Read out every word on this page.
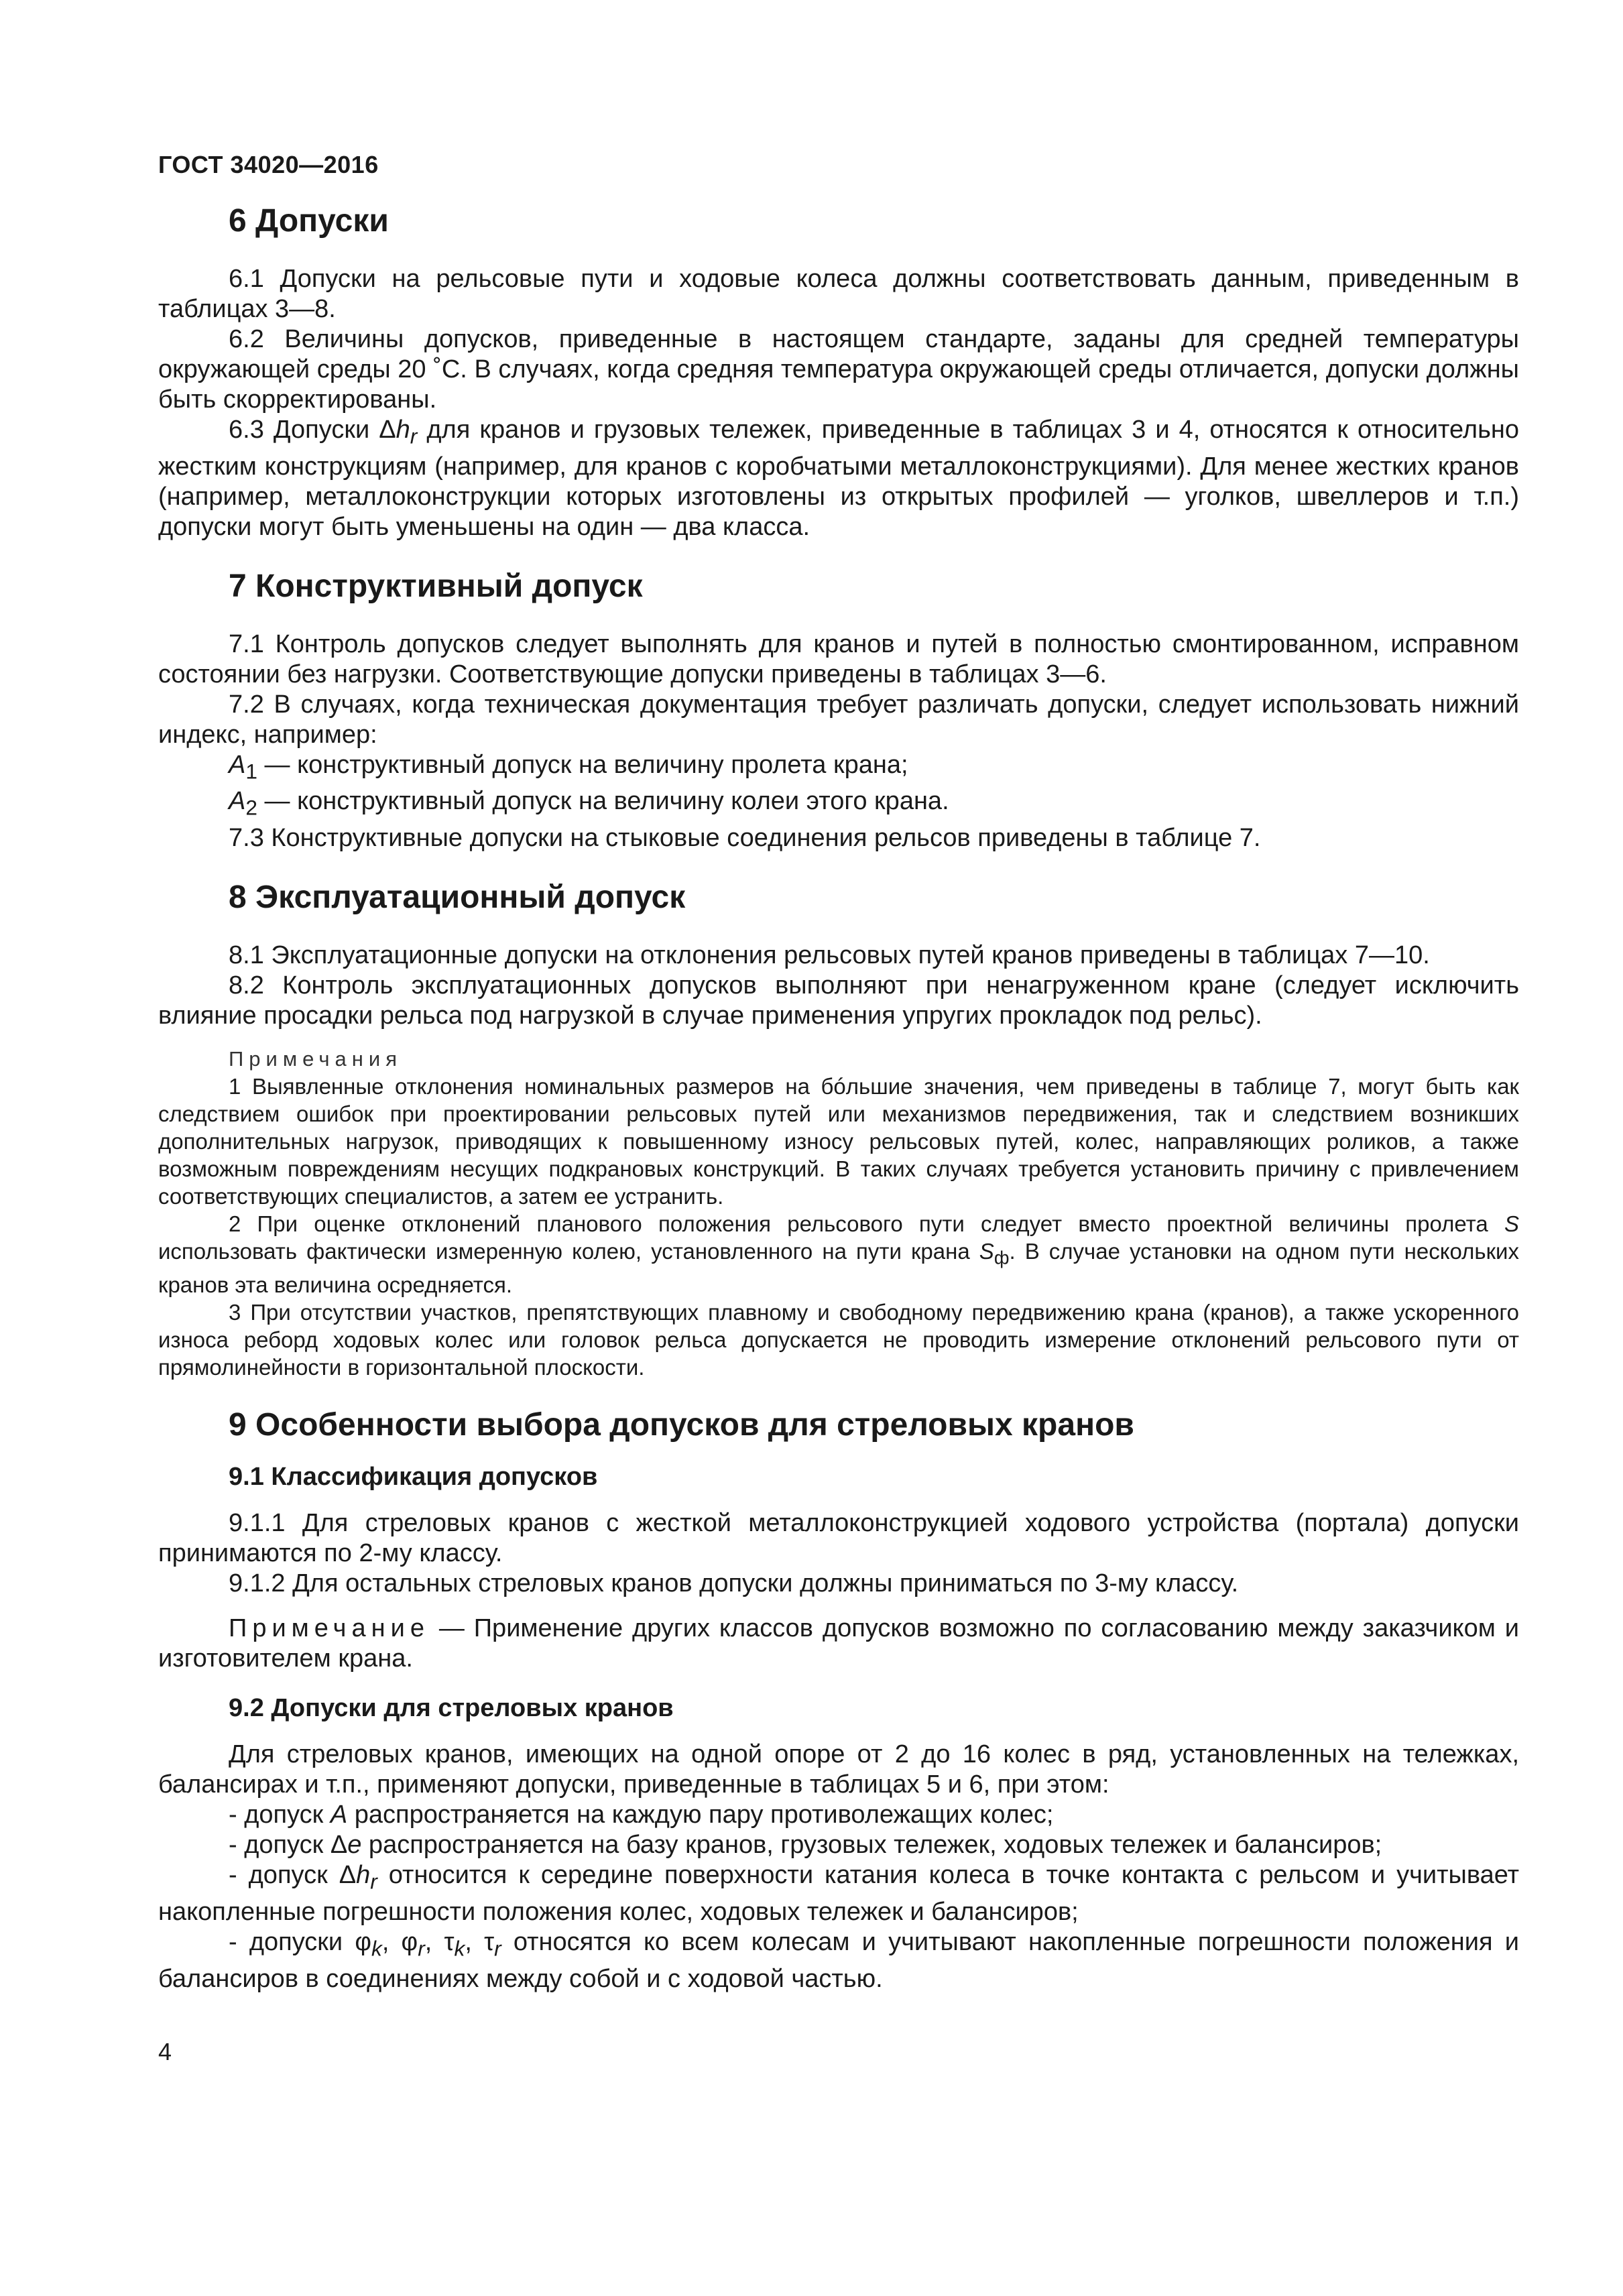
ГОСТ 34020—2016
6 Допуски

6.1 Допуски на рельсовые пути и ходовые колеса должны соответствовать данным, приведенным в таблицах 3—8.

6.2 Величины допусков, приведенные в настоящем стандарте, заданы для средней температуры окружающей среды 20 ˚С. В случаях, когда средняя температура окружающей среды отличается, допуски должны быть скорректированы.

6.3 Допуски $\Delta h_r$ для кранов и грузовых тележек, приведенные в таблицах 3 и 4, относятся к относительно жестким конструкциям (например, для кранов с коробчатыми металлоконструкциями). Для менее жестких кранов (например, металлоконструкции которых изготовлены из открытых профилей — уголков, швеллеров и т.п.) допуски могут быть уменьшены на один — два класса.

7 Конструктивный допуск

7.1 Контроль допусков следует выполнять для кранов и путей в полностью смонтированном, исправном состоянии без нагрузки. Соответствующие допуски приведены в таблицах 3—6.

7.2 В случаях, когда техническая документация требует различать допуски, следует использовать нижний индекс, например:

$A_1$ — конструктивный допуск на величину пролета крана;

$A_2$ — конструктивный допуск на величину колеи этого крана.

7.3 Конструктивные допуски на стыковые соединения рельсов приведены в таблице 7.

8 Эксплуатационный допуск

8.1 Эксплуатационные допуски на отклонения рельсовых путей кранов приведены в таблицах 7—10.

8.2 Контроль эксплуатационных допусков выполняют при ненагруженном кране (следует исключить влияние просадки рельса под нагрузкой в случае применения упругих прокладок под рельс).

Примечания

1 Выявленные отклонения номинальных размеров на бóльшие значения, чем приведены в таблице 7, могут быть как следствием ошибок при проектировании рельсовых путей или механизмов передвижения, так и следствием возникших дополнительных нагрузок, приводящих к повышенному износу рельсовых путей, колес, направляющих роликов, а также возможным повреждениям несущих подкрановых конструкций. В таких случаях требуется установить причину с привлечением соответствующих специалистов, а затем ее устранить.

2 При оценке отклонений планового положения рельсового пути следует вместо проектной величины пролета S использовать фактически измеренную колею, установленного на пути крана $S_ф$. В случае установки на одном пути нескольких кранов эта величина осредняется.

3 При отсутствии участков, препятствующих плавному и свободному передвижению крана (кранов), а также ускоренного износа реборд ходовых колес или головок рельса допускается не проводить измерение отклонений рельсового пути от прямолинейности в горизонтальной плоскости.

9 Особенности выбора допусков для стреловых кранов
9.1 Классификация допусков

9.1.1 Для стреловых кранов с жесткой металлоконструкцией ходового устройства (портала) допуски принимаются по 2-му классу.

9.1.2 Для остальных стреловых кранов допуски должны приниматься по 3-му классу.

Примечание — Применение других классов допусков возможно по согласованию между заказчиком и изготовителем крана.

9.2 Допуски для стреловых кранов

Для стреловых кранов, имеющих на одной опоре от 2 до 16 колес в ряд, установленных на тележках, балансирах и т.п., применяют допуски, приведенные в таблицах 5 и 6, при этом:

- допуск A распространяется на каждую пару противолежащих колес;

- допуск Δe распространяется на базу кранов, грузовых тележек, ходовых тележек и балансиров;

- допуск $\Delta h_r$ относится к середине поверхности катания колеса в точке контакта с рельсом и учитывает накопленные погрешности положения колес, ходовых тележек и балансиров;

- допуски $\varphi_k$, $\varphi_r$, $\tau_k$, $\tau_r$ относятся ко всем колесам и учитывают накопленные погрешности положения и балансиров в соединениях между собой и с ходовой частью.

4
